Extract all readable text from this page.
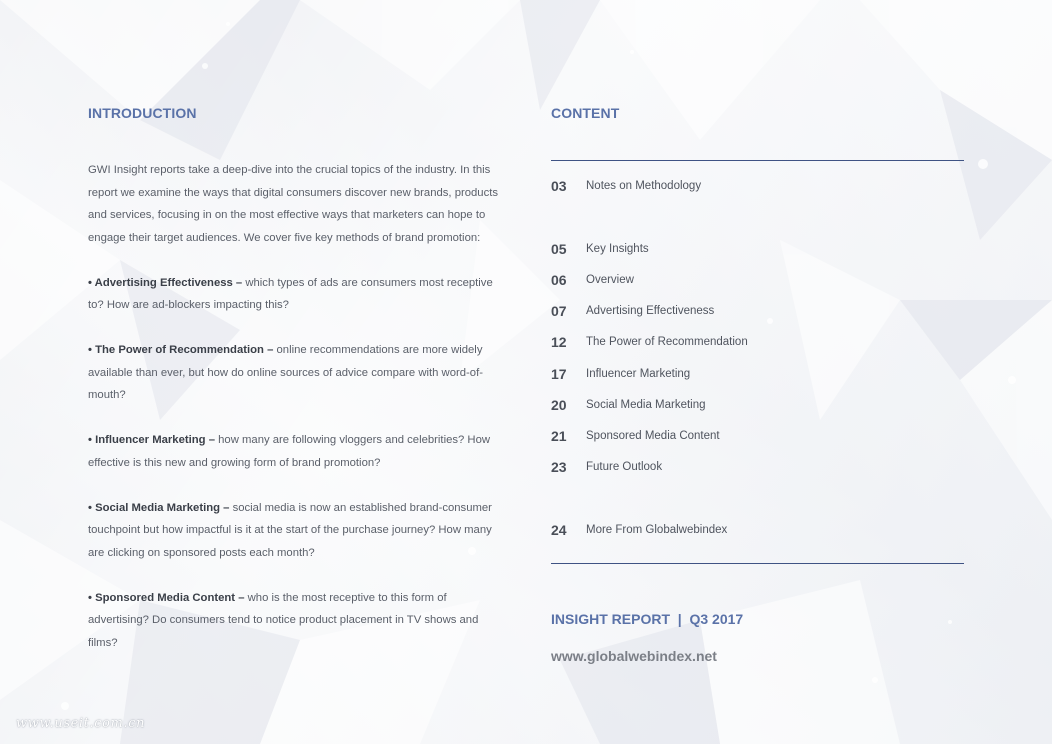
INTRODUCTION

GWI Insight reports take a deep-dive into the crucial topics of the industry. In this report we examine the ways that digital consumers discover new brands, products and services, focusing in on the most effective ways that marketers can hope to engage their target audiences. We cover five key methods of brand promotion:

• Advertising Effectiveness – which types of ads are consumers most receptive to? How are ad-blockers impacting this?

• The Power of Recommendation – online recommendations are more widely available than ever, but how do online sources of advice compare with word-of-mouth?

• Influencer Marketing – how many are following vloggers and celebrities? How effective is this new and growing form of brand promotion?

• Social Media Marketing – social media is now an established brand-consumer touchpoint but how impactful is it at the start of the purchase journey? How many are clicking on sponsored posts each month?

• Sponsored Media Content – who is the most receptive to this form of advertising? Do consumers tend to notice product placement in TV shows and films?

CONTENT
03	Notes on Methodology
05	Key Insights
06	Overview
07	Advertising Effectiveness
12	The Power of Recommendation
17	Influencer Marketing
20	Social Media Marketing
21	Sponsored Media Content
23	Future Outlook
24	More From Globalwebindex
INSIGHT REPORT  |  Q3 2017
www.globalwebindex.net
www.useit.com.cn
